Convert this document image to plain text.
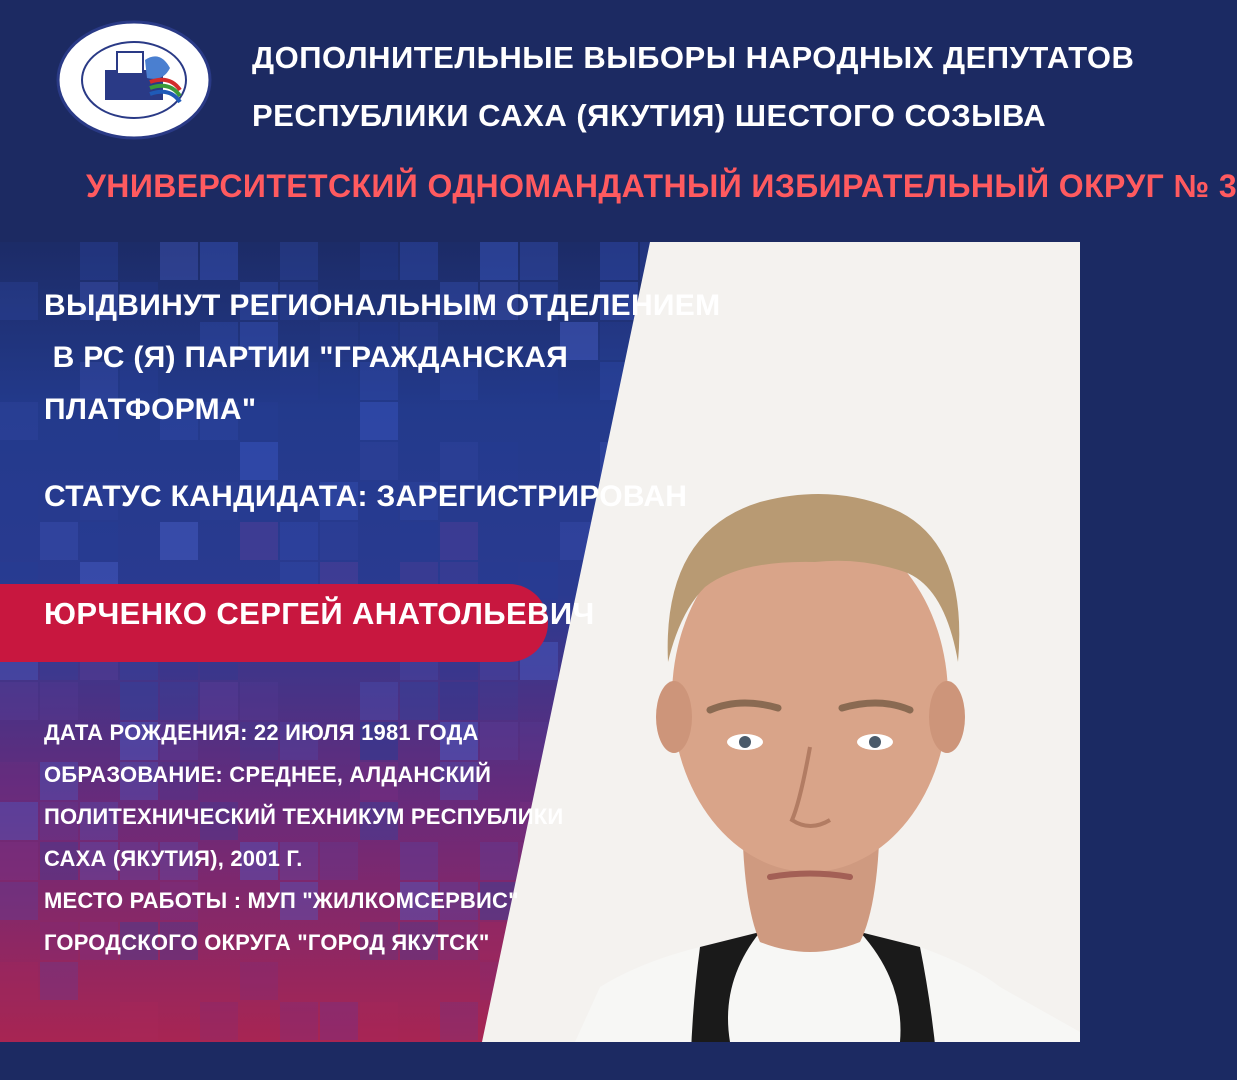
ДОПОЛНИТЕЛЬНЫЕ ВЫБОРЫ НАРОДНЫХ ДЕПУТАТОВ
РЕСПУБЛИКИ САХА (ЯКУТИЯ) ШЕСТОГО СОЗЫВА
УНИВЕРСИТЕТСКИЙ ОДНОМАНДАТНЫЙ ИЗБИРАТЕЛЬНЫЙ ОКРУГ № 3
ВЫДВИНУТ РЕГИОНАЛЬНЫМ ОТДЕЛЕНИЕМ
В РС (Я) ПАРТИИ "ГРАЖДАНСКАЯ
ПЛАТФОРМА"
СТАТУС КАНДИДАТА: ЗАРЕГИСТРИРОВАН
ЮРЧЕНКО СЕРГЕЙ АНАТОЛЬЕВИЧ
ДАТА РОЖДЕНИЯ: 22 ИЮЛЯ 1981 ГОДА
ОБРАЗОВАНИЕ: СРЕДНЕЕ, АЛДАНСКИЙ
ПОЛИТЕХНИЧЕСКИЙ ТЕХНИКУМ РЕСПУБЛИКИ
САХА (ЯКУТИЯ), 2001 Г.
МЕСТО РАБОТЫ : МУП "ЖИЛКОМСЕРВИС"
ГОРОДСКОГО ОКРУГА "ГОРОД ЯКУТСК"
